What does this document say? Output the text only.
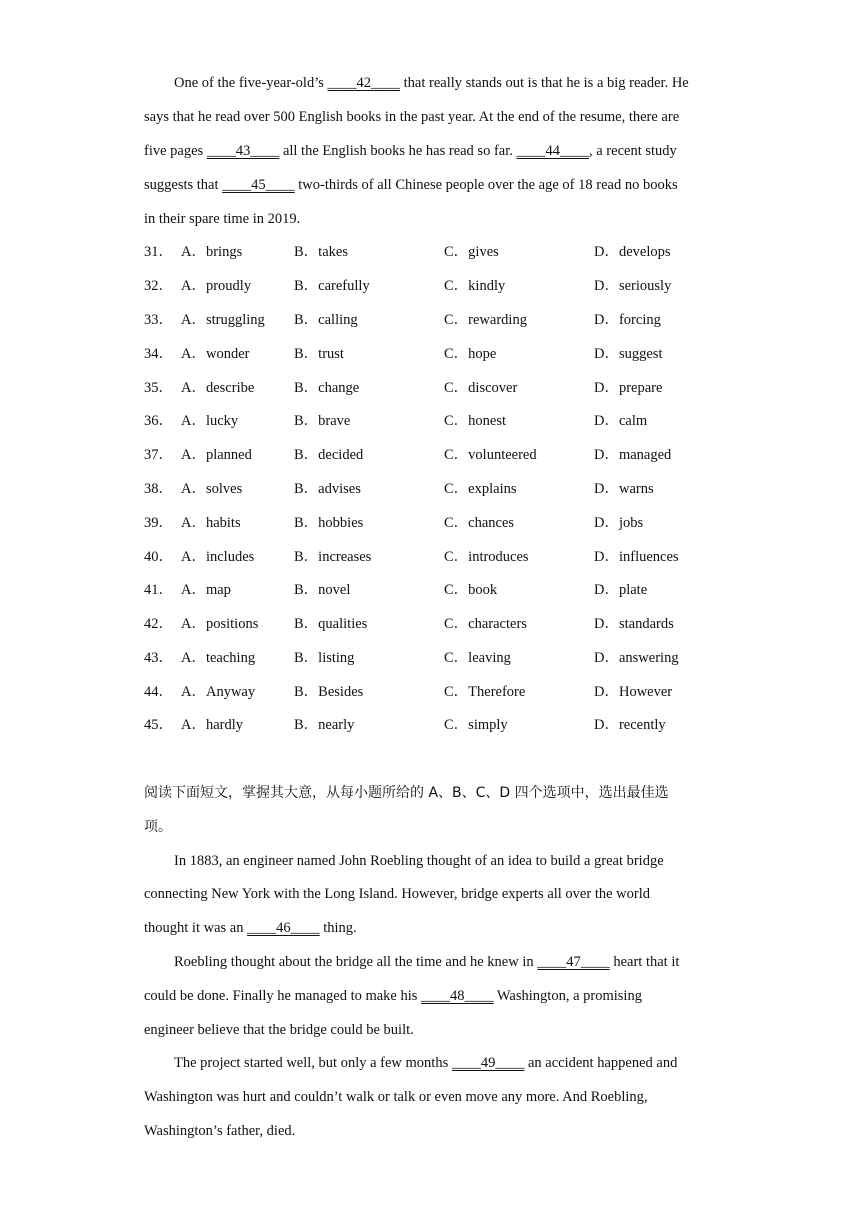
One of the five-year-old’s ____42____ that really stands out is that he is a big reader. He
says that he read over 500 English books in the past year. At the end of the resume, there are
five pages ____43____ all the English books he has read so far. ____44____, a recent study
suggests that ____45____ two-thirds of all Chinese people over the age of 18 read no books
in their spare time in 2019.
31． A．brings	B．takes	C．gives	D．develops
32． A．proudly	B．carefully	C．kindly	D．seriously
33． A．struggling B．calling	C．rewarding	D．forcing
34． A．wonder	B．trust	C．hope	D．suggest
35． A．describe	B．change	C．discover	D．prepare
36． A．lucky	B．brave	C．honest	D．calm
37． A．planned	B．decided	C．volunteered	D．managed
38． A．solves	B．advises	C．explains	D．warns
39． A．habits	B．hobbies	C．chances	D．jobs
40． A．includes	B．increases	C．introduces	D．influences
41． A．map	B．novel	C．book	D．plate
42． A．positions B．qualities	C．characters	D．standards
43． A．teaching	B．listing	C．leaving	D．answering
44． A．Anyway	B．Besides	C．Therefore	D．However
45． A．hardly	B．nearly	C．simply	D．recently
阅读下面短文，掌握其大意，从每小题所给的 A、B、C、D 四个选项中，选出最佳选
项。
In 1883, an engineer named John Roebling thought of an idea to build a great bridge
connecting New York with the Long Island. However, bridge experts all over the world
thought it was an ____46____ thing.
Roebling thought about the bridge all the time and he knew in ____47____ heart that it
could be done. Finally he managed to make his ____48____ Washington, a promising
engineer believe that the bridge could be built.
The project started well, but only a few months ____49____ an accident happened and
Washington was hurt and couldn’t walk or talk or even move any more. And Roebling,
Washington’s father, died.
